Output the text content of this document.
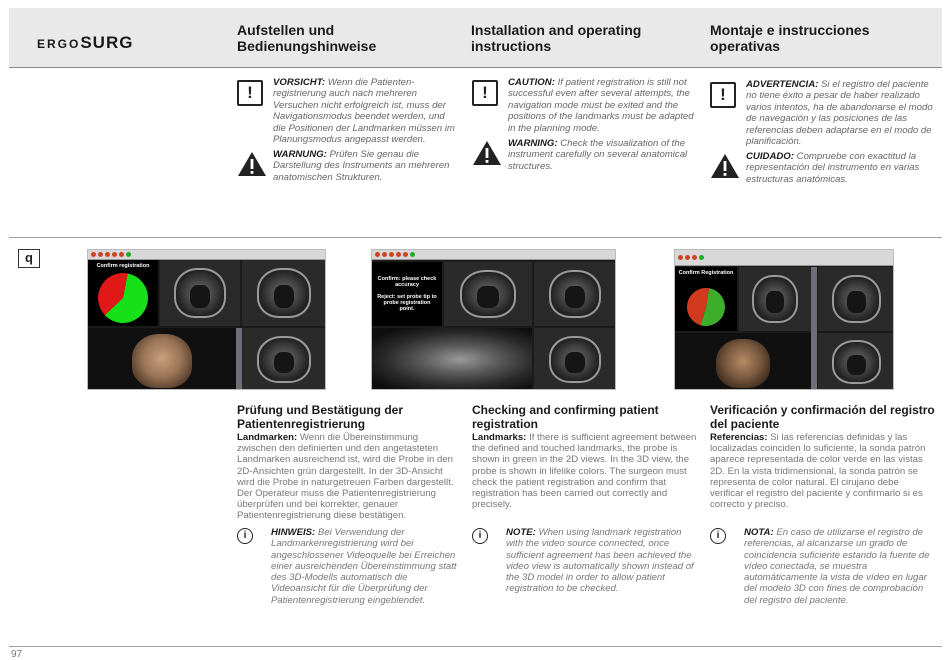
ERGOSURG
Aufstellen und Bedienungshinweise
Installation and operating instructions
Montaje e instrucciones operativas
!
VORSICHT: Wenn die Patienten-registrierung auch nach mehreren Versuchen nicht erfolgreich ist, muss der Navigationsmodus beendet werden, und die Positionen der Landmarken müssen im Planungsmodus angepasst werden.
WARNUNG: Prüfen Sie genau die Darstellung des Instruments an mehreren anatomischen Strukturen.
!
CAUTION: If patient registration is still not successful even after several attempts, the navigation mode must be exited and the positions of the landmarks must be adapted in the planning mode.
WARNING: Check the visualization of the instrument carefully on several anatomical structures.
!
ADVERTENCIA: Si el registro del paciente no tiene éxito a pesar de haber realizado varios intentos, ha de abandonarse el modo de navegación y las posiciones de las referencias deben adaptarse en el modo de planificación.
CUIDADO: Compruebe con exactitud la representación del instrumento en varias estructuras anatómicas.
q
Confirm registration
Confirm: please check accuracy
Reject: set probe tip to probe registration point.
Confirm Registration
Prüfung und Bestätigung der Patientenregistrierung
Checking and confirming patient registration
Verificación y confirmación del registro del paciente
Landmarken: Wenn die Übereinstimmung zwischen den definierten und den angetasteten Landmarken ausreichend ist, wird die Probe in den 2D-Ansichten grün dargestellt. In der 3D-Ansicht wird die Probe in naturgetreuen Farben dargestellt. Der Operateur muss die Patientenregistrierung überprüfen und bei korrekter, genauer Patientenregistrierung diese bestätigen.
Landmarks: If there is sufficient agreement between the defined and touched landmarks, the probe is shown in green in the 2D views. In the 3D view, the probe is shown in lifelike colors. The surgeon must check the patient registration and confirm that registration has been carried out correctly and precisely.
Referencias: Si las referencias definidas y las localizadas coinciden lo suficiente, la sonda patrón aparece representada de color verde en las vistas 2D. En la vista tridimensional, la sonda patrón se representa de color natural. El cirujano debe verificar el registro del paciente y confirmarlo si es correcto y preciso.
i	HINWEIS: Bei Verwendung der Landmarkenregistrierung wird bei angeschlossener Videoquelle bei Erreichen einer ausreichenden Übereinstimmung statt des 3D-Modells automatisch die Videoansicht für die Überprüfung der Patientenregistrierung eingeblendet.
i	NOTE: When using landmark registration with the video source connected, once sufficient agreement has been achieved the video view is automatically shown instead of the 3D model in order to allow patient registration to be checked.
i	NOTA: En caso de utilizarse el registro de referencias, al alcanzarse un grado de coincidencia suficiente estando la fuente de vídeo conectada, se muestra automáticamente la vista de vídeo en lugar del modelo 3D con fines de comprobación del registro del paciente.
97
